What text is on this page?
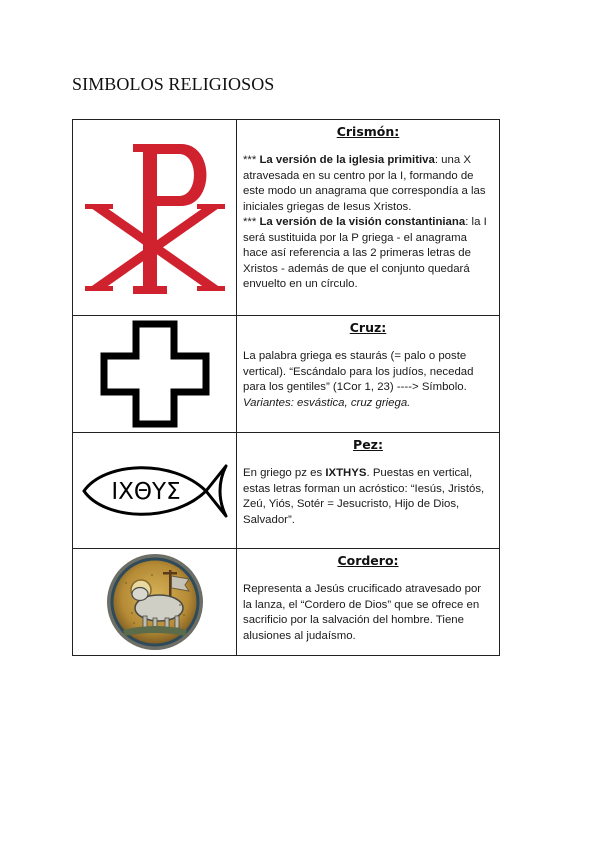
SIMBOLOS RELIGIOSOS

Crismón:

*** La versión de la iglesia primitiva: una X atravesada en su centro por la I, formando de este modo un anagrama que correspondía a las iniciales griegas de Iesus Xristos.
*** La versión de la visión constantiniana: la I será sustituida por la P griega - el anagrama hace así referencia a las 2 primeras letras de Xristos - además de que el conjunto quedará envuelto en un círculo.

Cruz:

La palabra griega es staurás (= palo o poste vertical). “Escándalo para los judíos, necedad para los gentiles” (1Cor 1, 23) ----> Símbolo. Variantes: esvástica, cruz griega.

ΙΧΘΥΣ	Pez:

En griego pz es IXTHYS. Puestas en vertical, estas letras forman un acróstico: “Iesús, Jristós, Zeú, Yiós, Sotér = Jesucristo, Hijo de Dios, Salvador”.

Cordero:

Representa a Jesús crucificado atravesado por la lanza, el “Cordero de Dios” que se ofrece en sacrificio por la salvación del hombre. Tiene alusiones al judaísmo.
